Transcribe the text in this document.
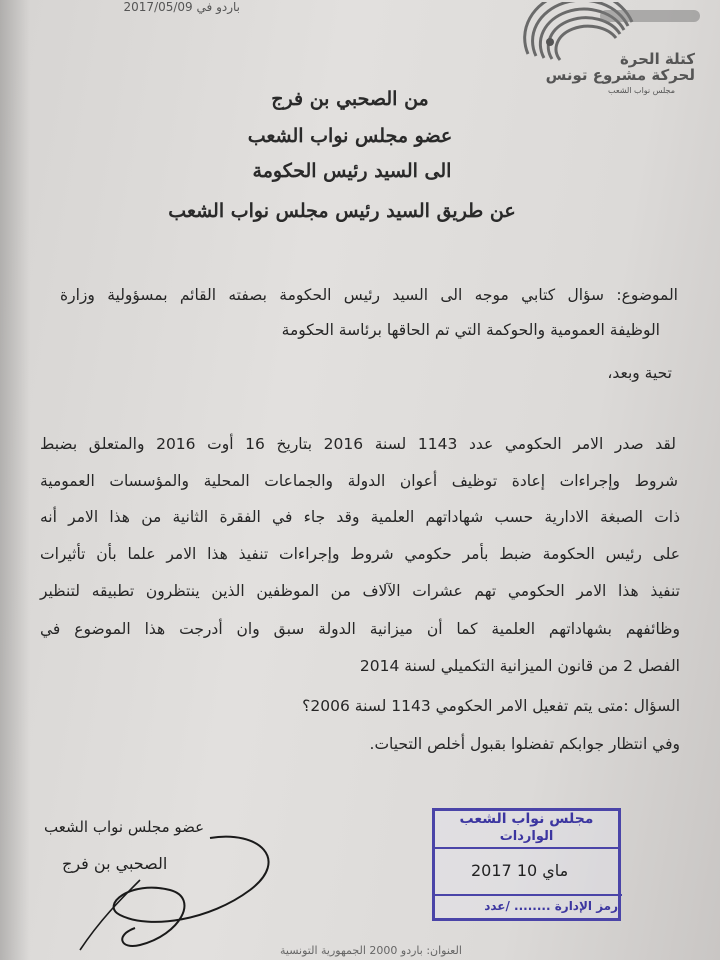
باردو في 2017/05/09
كتلة الحرة
لحركة مشروع تونس
مجلس نواب الشعب
من الصحبي بن فرج
عضو مجلس نواب الشعب
الى السيد رئيس الحكومة
عن طريق السيد رئيس مجلس نواب الشعب
الموضوع: سؤال كتابي موجه الى السيد رئيس الحكومة بصفته القائم بمسؤولية وزارة
الوظيفة العمومية والحوكمة التي تم الحاقها برئاسة الحكومة
تحية وبعد،
لقد صدر الامر الحكومي عدد 1143 لسنة 2016 بتاريخ 16 أوت 2016 والمتعلق بضبط
شروط وإجراءات إعادة توظيف أعوان الدولة والجماعات المحلية والمؤسسات العمومية
ذات الصبغة الادارية حسب شهاداتهم العلمية وقد جاء في الفقرة الثانية من هذا الامر أنه
على رئيس الحكومة ضبط بأمر حكومي شروط وإجراءات تنفيذ هذا الامر علما بأن تأثيرات
تنفيذ هذا الامر الحكومي تهم عشرات الآلاف من الموظفين الذين ينتظرون تطبيقه لتنظير
وظائفهم بشهاداتهم العلمية كما أن ميزانية الدولة سبق وان أدرجت هذا الموضوع في
الفصل 2 من قانون الميزانية التكميلي لسنة 2014
السؤال :متى يتم تفعيل الامر الحكومي 1143 لسنة 2006؟
وفي انتظار جوابكم تفضلوا بقبول أخلص التحيات.
عضو مجلس نواب الشعب
الصحبي بن فرج
مجلس نواب الشعب
الواردات
2017 ماي 10
رمز الإدارة ........ /عدد
العنوان: باردو 2000 الجمهورية التونسية
